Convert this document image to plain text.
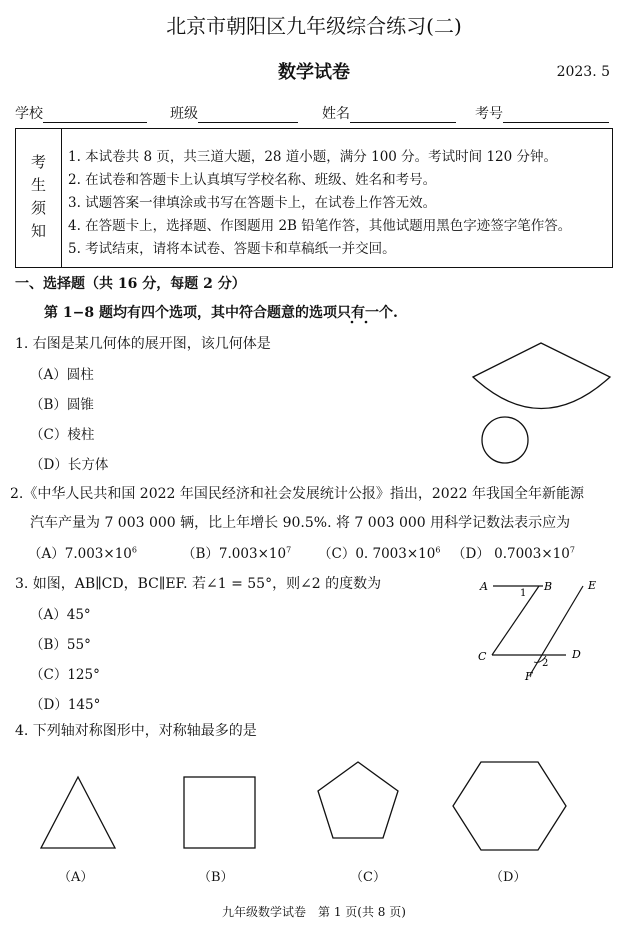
北京市朝阳区九年级综合练习(二)
数学试卷	2023. 5
学校	班级	姓名	考号
考
生
须
知
1. 本试卷共 8 页，共三道大题，28 道小题，满分 100 分。考试时间 120 分钟。
2. 在试卷和答题卡上认真填写学校名称、班级、姓名和考号。
3. 试题答案一律填涂或书写在答题卡上，在试卷上作答无效。
4. 在答题卡上，选择题、作图题用 2B 铅笔作答，其他试题用黑色字迹签字笔作答。
5. 考试结束，请将本试卷、答题卡和草稿纸一并交回。
一、选择题（共 16 分，每题 2 分）
第 1−8 题均有四个选项，其中符合题意的选项只有一个.
1. 右图是某几何体的展开图，该几何体是
（A）圆柱
（B）圆锥
（C）棱柱
（D）长方体
2.《中华人民共和国 2022 年国民经济和社会发展统计公报》指出，2022 年我国全年新能源
汽车产量为 7 003 000 辆，比上年增长 90.5%. 将 7 003 000 用科学记数法表示应为
$(A)7.003\times 10^6$	$(B)7.003\times 10^7$ （C）0. $7003\times 10^6$ （D） $0.7003\times 10^7$
3. 如图，AB∥CD，BC∥EF. 若∠1 = 55°，则∠2 的度数为
（A）45°
（B）55°
（C）125°
（D）145°
A	B
C	D
E
F
1
2
4. 下列轴对称图形中，对称轴最多的是
（A）	（B）	（C）	（D）
九年级数学试卷　第 1 页(共 8 页)
